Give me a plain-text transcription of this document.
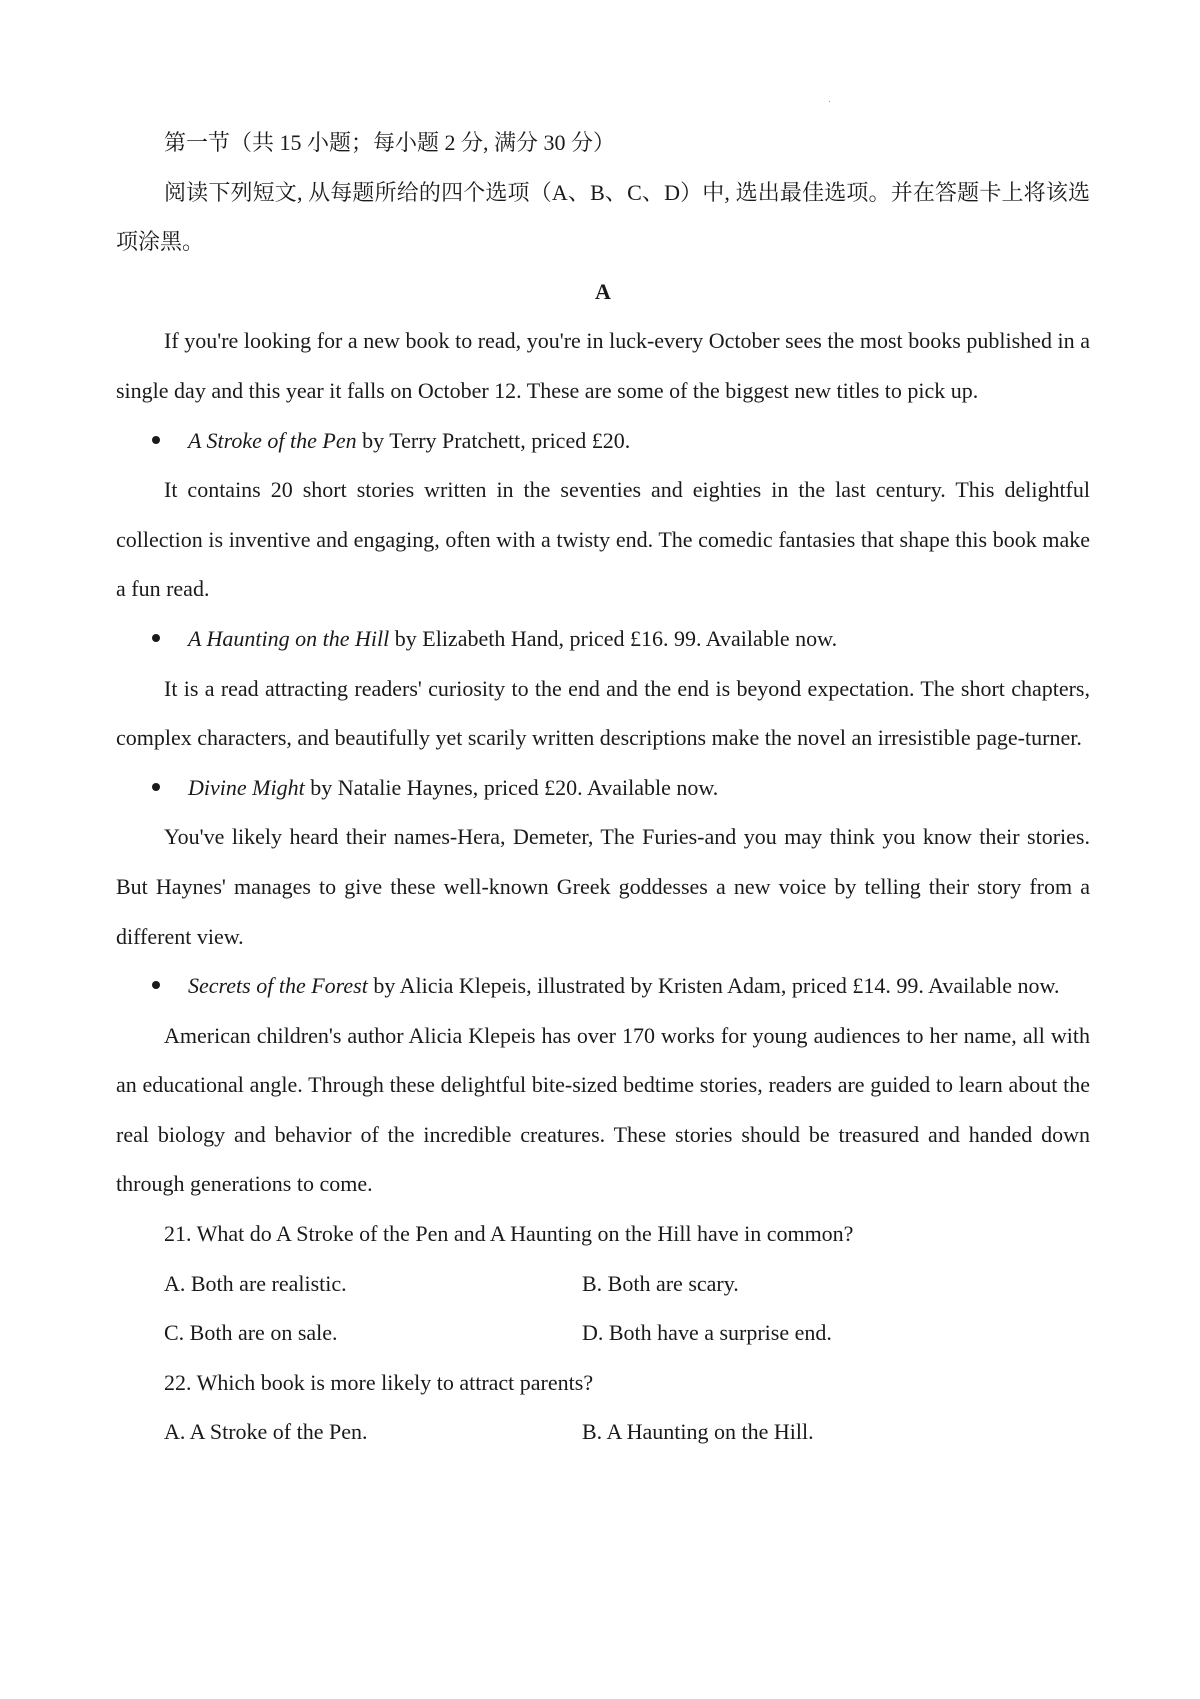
第一节（共 15 小题；每小题 2 分, 满分 30 分）

阅读下列短文, 从每题所给的四个选项（A、B、C、D）中, 选出最佳选项。并在答题卡上将该选项涂黑。

A

If you're looking for a new book to read, you're in luck-every October sees the most books published in a single day and this year it falls on October 12. These are some of the biggest new titles to pick up.

A Stroke of the Pen by Terry Pratchett, priced £20.

It contains 20 short stories written in the seventies and eighties in the last century. This delightful collection is inventive and engaging, often with a twisty end. The comedic fantasies that shape this book make a fun read.

A Haunting on the Hill by Elizabeth Hand, priced £16. 99. Available now.

It is a read attracting readers' curiosity to the end and the end is beyond expectation. The short chapters, complex characters, and beautifully yet scarily written descriptions make the novel an irresistible page-turner.

Divine Might by Natalie Haynes, priced £20. Available now.

You've likely heard their names-Hera, Demeter, The Furies-and you may think you know their stories. But Haynes' manages to give these well-known Greek goddesses a new voice by telling their story from a different view.

Secrets of the Forest by Alicia Klepeis, illustrated by Kristen Adam, priced £14. 99. Available now.

American children's author Alicia Klepeis has over 170 works for young audiences to her name, all with an educational angle. Through these delightful bite-sized bedtime stories, readers are guided to learn about the real biology and behavior of the incredible creatures. These stories should be treasured and handed down through generations to come.

21. What do A Stroke of the Pen and A Haunting on the Hill have in common?

A. Both are realistic.	B. Both are scary.
C. Both are on sale.	D. Both have a surprise end.

22. Which book is more likely to attract parents?

A. A Stroke of the Pen.	B. A Haunting on the Hill.
